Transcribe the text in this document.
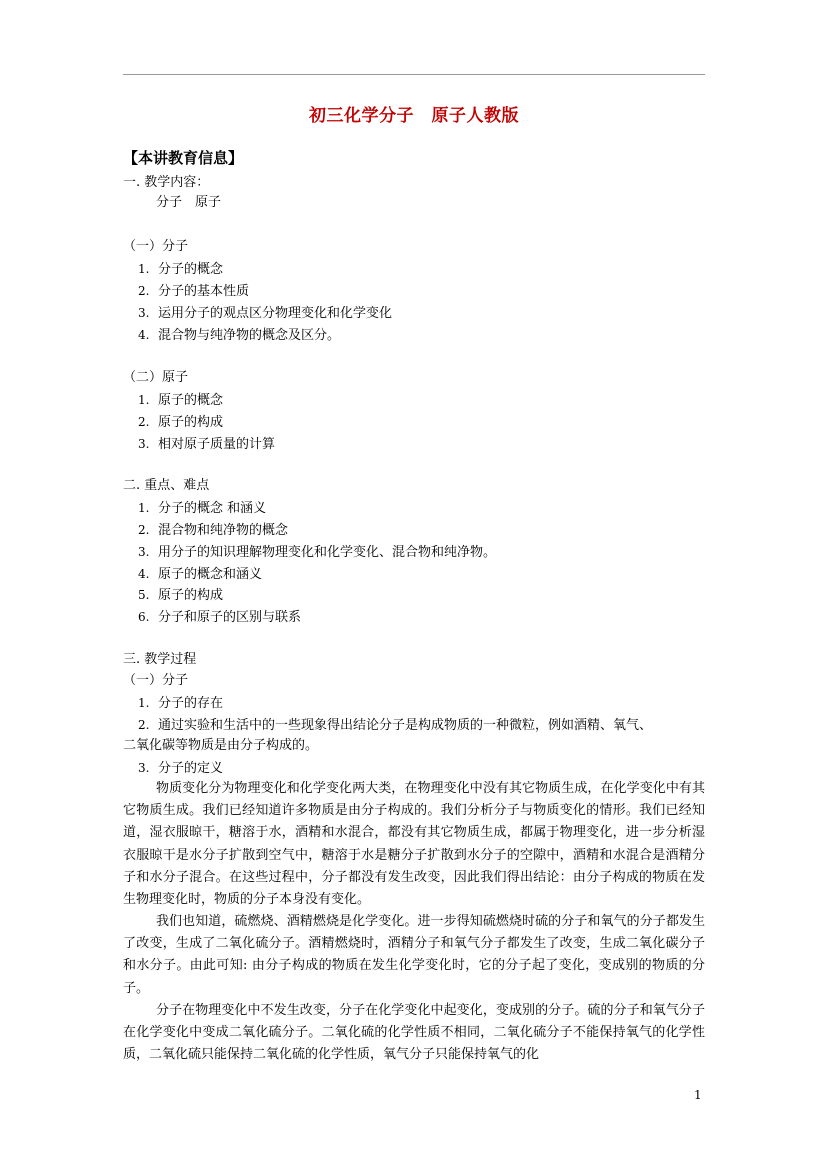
初三化学分子　原子人教版
【本讲教育信息】
一. 教学内容：
分子　原子
（一）分子
1. 分子的概念
2. 分子的基本性质
3. 运用分子的观点区分物理变化和化学变化
4. 混合物与纯净物的概念及区分。
（二）原子
1. 原子的概念
2. 原子的构成
3. 相对原子质量的计算
二. 重点、难点
1. 分子的概念 和涵义
2. 混合物和纯净物的概念
3. 用分子的知识理解物理变化和化学变化、混合物和纯净物。
4. 原子的概念和涵义
5. 原子的构成
6. 分子和原子的区别与联系
三. 教学过程
（一）分子
1. 分子的存在
2. 通过实验和生活中的一些现象得出结论分子是构成物质的一种微粒，例如酒精、氧气、
二氧化碳等物质是由分子构成的。
3. 分子的定义
物质变化分为物理变化和化学变化两大类，在物理变化中没有其它物质生成，在化学变化中有其它物质生成。我们已经知道许多物质是由分子构成的。我们分析分子与物质变化的情形。我们已经知道，湿衣服晾干，糖溶于水，酒精和水混合，都没有其它物质生成，都属于物理变化，进一步分析湿衣服晾干是水分子扩散到空气中，糖溶于水是糖分子扩散到水分子的空隙中，酒精和水混合是酒精分子和水分子混合。在这些过程中，分子都没有发生改变，因此我们得出结论：由分子构成的物质在发生物理变化时，物质的分子本身没有变化。
我们也知道，硫燃烧、酒精燃烧是化学变化。进一步得知硫燃烧时硫的分子和氧气的分子都发生了改变，生成了二氧化硫分子。酒精燃烧时，酒精分子和氧气分子都发生了改变，生成二氧化碳分子和水分子。由此可知: 由分子构成的物质在发生化学变化时，它的分子起了变化，变成别的物质的分子。
分子在物理变化中不发生改变，分子在化学变化中起变化，变成别的分子。硫的分子和氧气分子在化学变化中变成二氧化硫分子。二氧化硫的化学性质不相同，二氧化硫分子不能保持氧气的化学性质，二氧化硫只能保持二氧化硫的化学性质，氧气分子只能保持氧气的化
1
